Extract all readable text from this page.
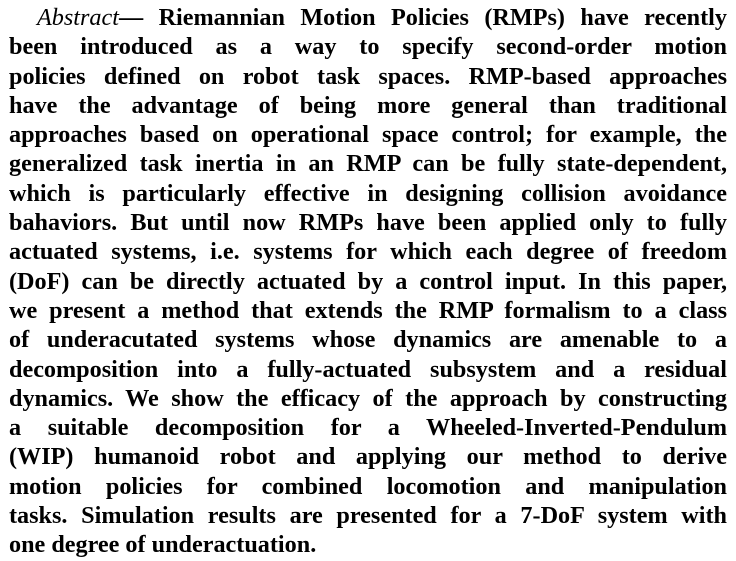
Abstract— Riemannian Motion Policies (RMPs) have recently
been introduced as a way to specify second-order motion
policies defined on robot task spaces. RMP-based approaches
have the advantage of being more general than traditional
approaches based on operational space control; for example, the
generalized task inertia in an RMP can be fully state-dependent,
which is particularly effective in designing collision avoidance
bahaviors. But until now RMPs have been applied only to fully
actuated systems, i.e. systems for which each degree of freedom
(DoF) can be directly actuated by a control input. In this paper,
we present a method that extends the RMP formalism to a class
of underacutated systems whose dynamics are amenable to a
decomposition into a fully-actuated subsystem and a residual
dynamics. We show the efficacy of the approach by constructing
a suitable decomposition for a Wheeled-Inverted-Pendulum
(WIP) humanoid robot and applying our method to derive
motion policies for combined locomotion and manipulation
tasks. Simulation results are presented for a 7-DoF system with
one degree of underactuation.
